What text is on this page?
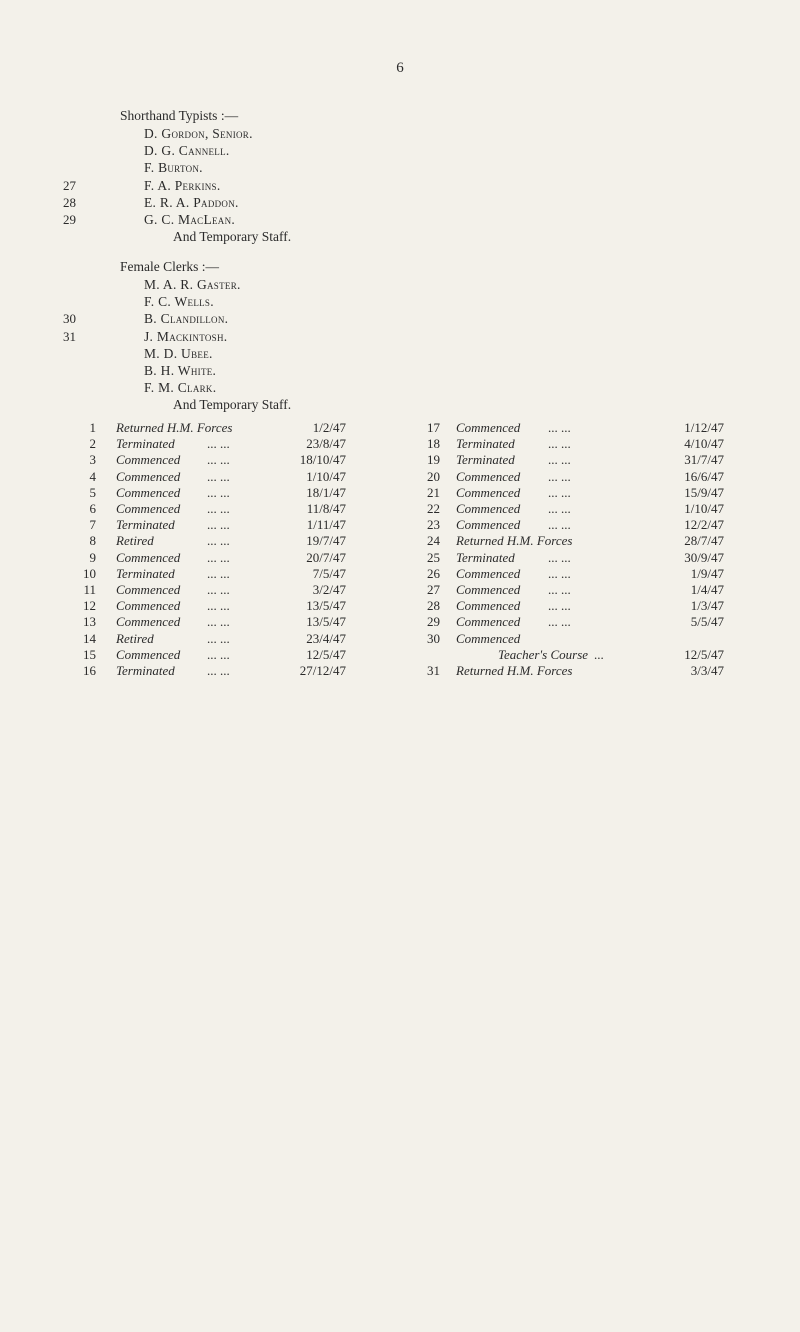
6
Shorthand Typists :—
D. Gordon, Senior.
D. G. Cannell.
F. Burton.
27	F. A. Perkins.
28	E. R. A. Paddon.
29	G. C. MacLean.
And Temporary Staff.
Female Clerks :—
M. A. R. Gaster.
F. C. Wells.
30	B. Clandillon.
31	J. Mackintosh.
M. D. Ubee.
B. H. White.
F. M. Clark.
And Temporary Staff.
1 Returned H.M. Forces	1/2/47
2 Terminated ... ...	23/8/47
3 Commenced ... ...	18/10/47
4 Commenced ... ...	1/10/47
5 Commenced ... ...	18/1/47
6 Commenced ... ...	11/8/47
7 Terminated ... ...	1/11/47
8 Retired	... ...	19/7/47
9 Commenced ... ...	20/7/47
10 Terminated ... ...	7/5/47
11 Commenced ... ...	3/2/47
12 Commenced ... ...	13/5/47
13 Commenced ... ...	13/5/47
14 Retired	... ...	23/4/47
15 Commenced ... ...	12/5/47
16 Terminated ... ...	27/12/47
17 Commenced ... ...	1/12/47
18 Terminated	... ...	4/10/47
19 Terminated	... ...	31/7/47
20 Commenced ... ...	16/6/47
21 Commenced ... ...	15/9/47
22 Commenced ... ...	1/10/47
23 Commenced ... ...	12/2/47
24 Returned H.M. Forces	28/7/47
25 Terminated	... ...	30/9/47
26 Commenced ... ...	1/9/47
27 Commenced ... ...	1/4/47
28 Commenced ... ...	1/3/47
29 Commenced ... ...	5/5/47
30 Commenced
Teacher's Course ...	12/5/47
31 Returned H.M. Forces	3/3/47
